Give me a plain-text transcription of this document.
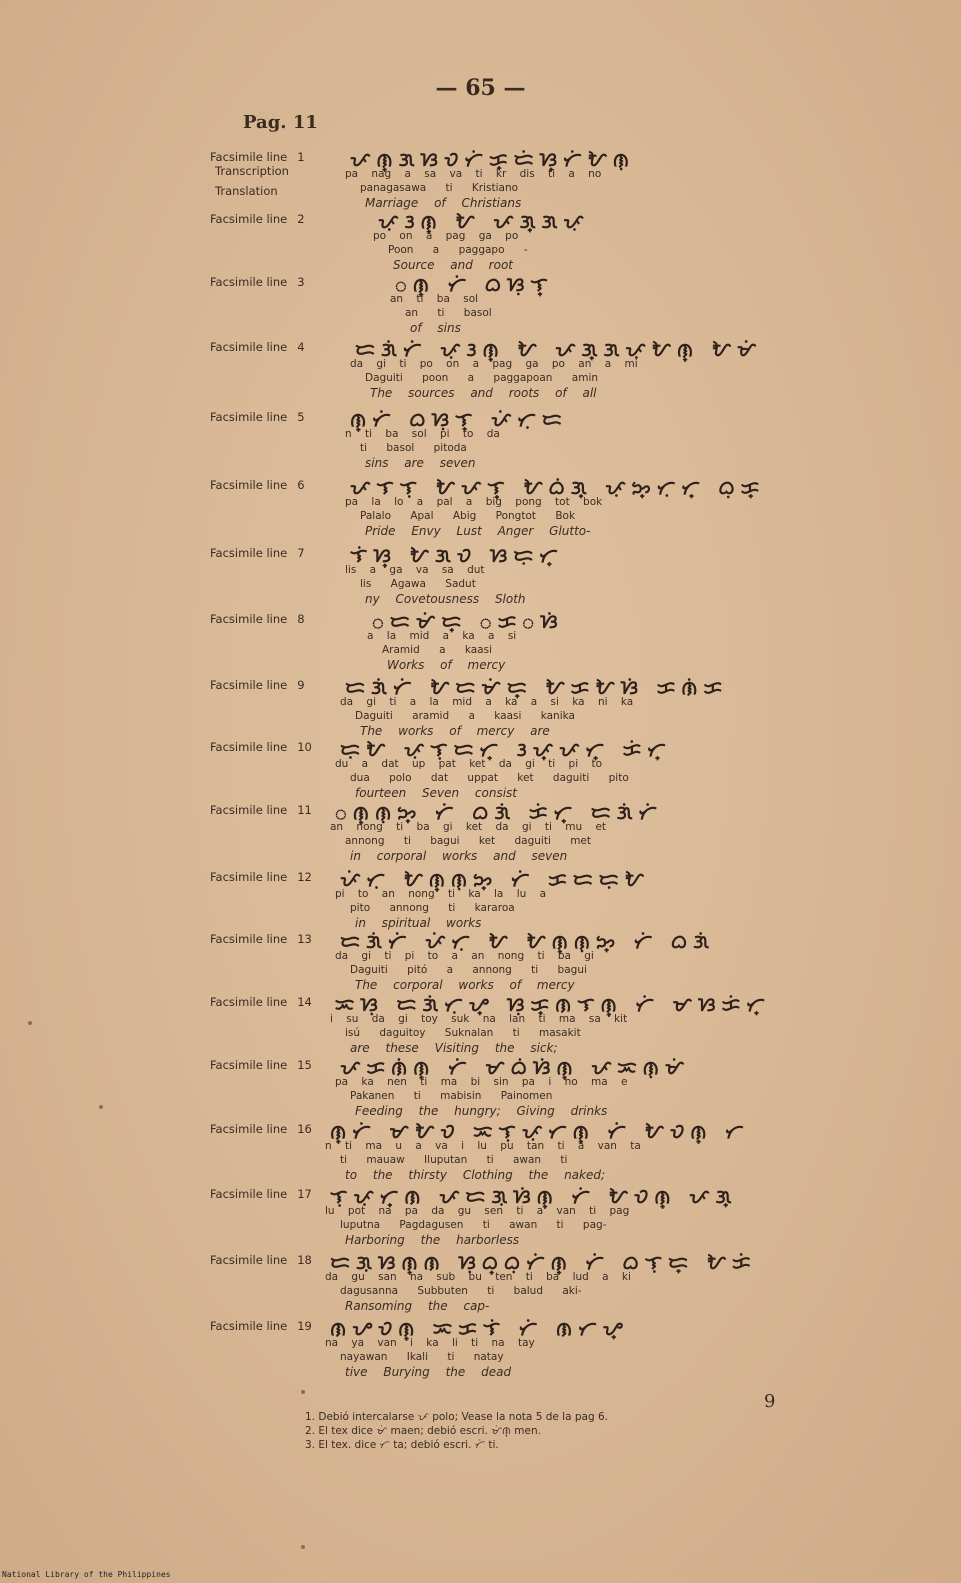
— 65 —
Pag. 11
Facsimile line 1
Transcription
Translation
ᜉᜈ᜔ᜄᜐᜏᜆᜒᜃ᜔ᜇᜒᜐ᜔ᜆᜒᜀᜈᜓ
pa nag a sa va ti kr dis ti a no
panagasawa ti Kristiano
Marriage of Christians
Facsimile line 2	ᜉᜓᜂᜈ᜔ ᜀ ᜉᜄ᜔ᜄᜉᜓ
po on a pag ga po
Poon a paggapo -
Source and root
Facsimile line 3	ᜀᜈ᜔ ᜆᜒ ᜊᜐᜓᜎ᜔
an ti ba sol
an ti basol
of sins
Facsimile line 4	ᜇᜄᜒᜆᜒ ᜉᜓᜂᜈ᜔ ᜀ ᜉᜄ᜔ᜄᜉᜓᜀᜈ᜔ ᜀᜋᜒ
da gi ti po on a pag ga po an a mi
Daguiti poon a paggapoan amin
The sources and roots of all
Facsimile line 5 ᜈ᜔ᜆᜒ ᜊᜐᜓᜎ᜔ ᜉᜒᜆᜓᜇ
n ti ba sol pi to da
ti basol pitoda
sins are seven
Facsimile line 6 ᜉᜎᜎᜓ ᜀᜉᜎ᜔ ᜀᜊᜒᜄ᜔ ᜉᜓᜅ᜔ᜆᜓᜆ᜔ ᜊᜓᜃ᜔
pa la lo a pal a big pong tot bok
Palalo Apal Abig Pongtot Bok
Pride Envy Lust Anger Glutto-
Facsimile line 7 ᜎᜒᜐ᜔ ᜀᜄᜏ ᜐᜇᜓᜆ᜔
lis a ga va sa dut
lis Agawa Sadut
ny Covetousness Sloth
Facsimile line 8	ᜀᜇᜋᜒᜇ᜔ ᜀᜃᜀᜐᜒ
a la mid a ka a si
Aramid a kaasi
Works of mercy
Facsimile line 9 ᜇᜄᜒᜆᜒ ᜀᜇᜋᜒᜇ᜔ ᜀᜃᜀᜐᜒ ᜃᜈᜒᜃ
da gi ti a la mid a ka a si ka ni ka
Daguiti aramid a kaasi kanika
The works of mercy are
Facsimile line 10 ᜇᜓᜀ ᜉᜓᜎᜓᜇᜆ᜔ ᜂᜉ᜔ᜉᜆ᜔ ᜃᜒᜆ᜔
du a dat up pat ket da gi ti pi to
dua polo dat uppat ket daguiti pito
fourteen Seven consist
Facsimile line 11 ᜀᜈ᜔ᜈᜓᜅ᜔ ᜆᜒ ᜊᜄᜒ ᜃᜒᜆ᜔ ᜇᜄᜒᜆᜒ
an nong ti ba gi ket da gi ti mu et
annong ti bagui ket daguiti met
in corporal works and seven
Facsimile line 12 ᜉᜒᜆᜓ ᜀᜈ᜔ᜈᜓᜅ᜔ ᜆᜒ ᜃᜇᜇᜓᜀ
pi to an nong ti ka la lu a
pito annong ti kararoa
in spiritual works
Facsimile line 13 ᜇᜄᜒᜆᜒ ᜉᜒᜆᜓ ᜀ ᜀᜈ᜔ᜈᜓᜅ᜔ ᜆᜒ ᜊᜄᜒ
da gi ti pi to a an nong ti ba gi
Daguiti pitó a annong ti bagui
The corporal works of mercy
Facsimile line 14 ᜁᜐᜓ ᜇᜄᜒᜆᜓᜌ᜔ ᜐᜓᜃ᜔ᜈᜎᜈ᜔ ᜆᜒ ᜋᜐᜃᜒᜆ᜔
i su da gi toy suk na lan ti ma sa kit
isú daguitoy Suknalan ti masakit
are these Visiting the sick;
Facsimile line 15 ᜉᜃᜈᜒᜈ᜔ ᜆᜒ ᜋᜊᜒᜐᜒᜈ᜔ ᜉᜁᜈᜓᜋᜒ
pa ka nen ti ma bi sin pa i no ma e
Pakanen ti mabisin Painomen
Feeding the hungry; Giving drinks
Facsimile line 16 ᜈ᜔ᜆᜒ ᜋᜀᜏ ᜁᜎᜓᜉᜓᜆᜈ᜔ ᜆᜒ ᜀᜏᜈ᜔ ᜆ
n ti ma u a va i lu pu tan ti a van ta
ti mauaw Iluputan ti awan ti
to the thirsty Clothing the naked;
Facsimile line 17 ᜎᜓᜉᜓᜆ᜔ᜈ ᜉᜇᜄᜓᜐᜒᜈ᜔ ᜆᜒ ᜀᜏᜈ᜔ ᜉᜄ᜔
lu pot na pa da gu sen ti a van ti pag
luputna Pagdagusen ti awan ti pag-
Harboring the harborless
Facsimile line 18 ᜇᜄᜓᜐᜈ᜔ᜈ ᜐᜓᜊ᜔ᜊᜓᜆᜒᜈ᜔ ᜆᜒ ᜊᜎᜓᜇ᜔ ᜀᜃᜒ
da gu san na sub bu ten ti ba lud a ki
dagusanna Subbuten ti balud aki-
Ransoming the cap-
Facsimile line 19 ᜈᜌᜏᜈ᜔ ᜁᜃᜎᜒ ᜆᜒ ᜈᜆᜌ᜔
na ya van i ka li ti na tay
nayawan Ikali ti natay
tive Burying the dead
1. Debió intercalarse ᜉ polo; Vease la nota 5 de la pag 6.
2. El tex dice ᜋᜒ maen; debió escri. ᜋᜒᜈ᜔ men.
3. El tex. dice ᜆ ta; debió escri. ᜆᜒ ti.
9
National Library of the Philippines
